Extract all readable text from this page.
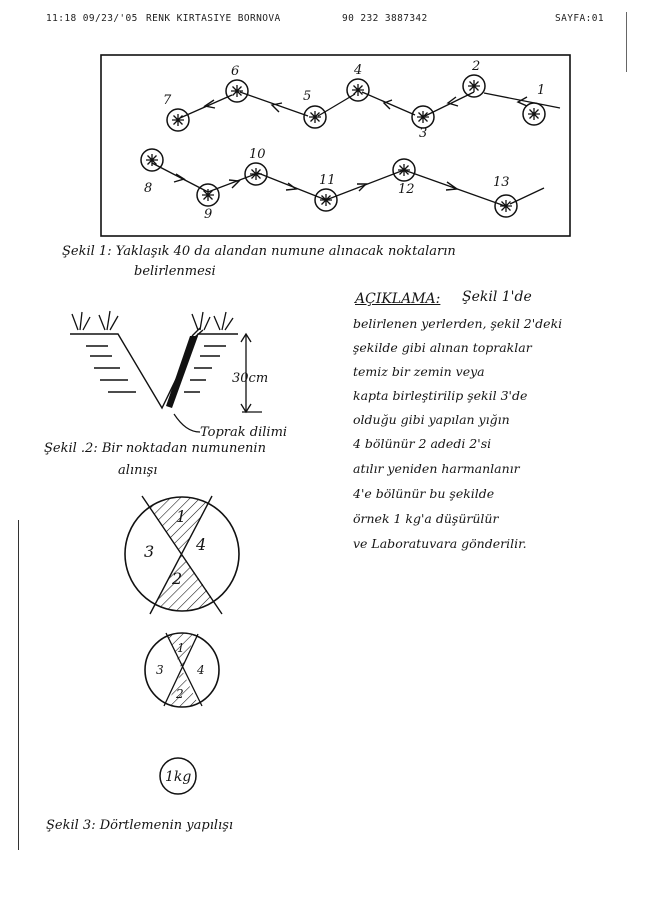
11:18 09/23/'05 RENK KIRTASIYE BORNOVA	90 232 3887342	SAYFA:01
1
2
3
4
5
6
7
8
9
10
11
12	13
Şekil 1: Yaklaşık 40 da alandan numune alınacak noktaların
belirlenmesi
30cm
Toprak dilimi
Şekil .2: Bir noktadan numunenin
alınışı
1
2
3	4
1
2
3	4
1kg
Şekil 3: Dörtlemenin yapılışı
AÇIKLAMA: Şekil 1'de
belirlenen yerlerden, şekil 2'deki
şekilde gibi alınan topraklar
temiz bir zemin veya
kapta birleştirilip şekil 3'de
olduğu gibi yapılan yığın
4 bölünür 2 adedi 2'si
atılır yeniden harmanlanır
4'e bölünür bu şekilde
örnek 1 kg'a düşürülür
ve Laboratuvara gönderilir.
